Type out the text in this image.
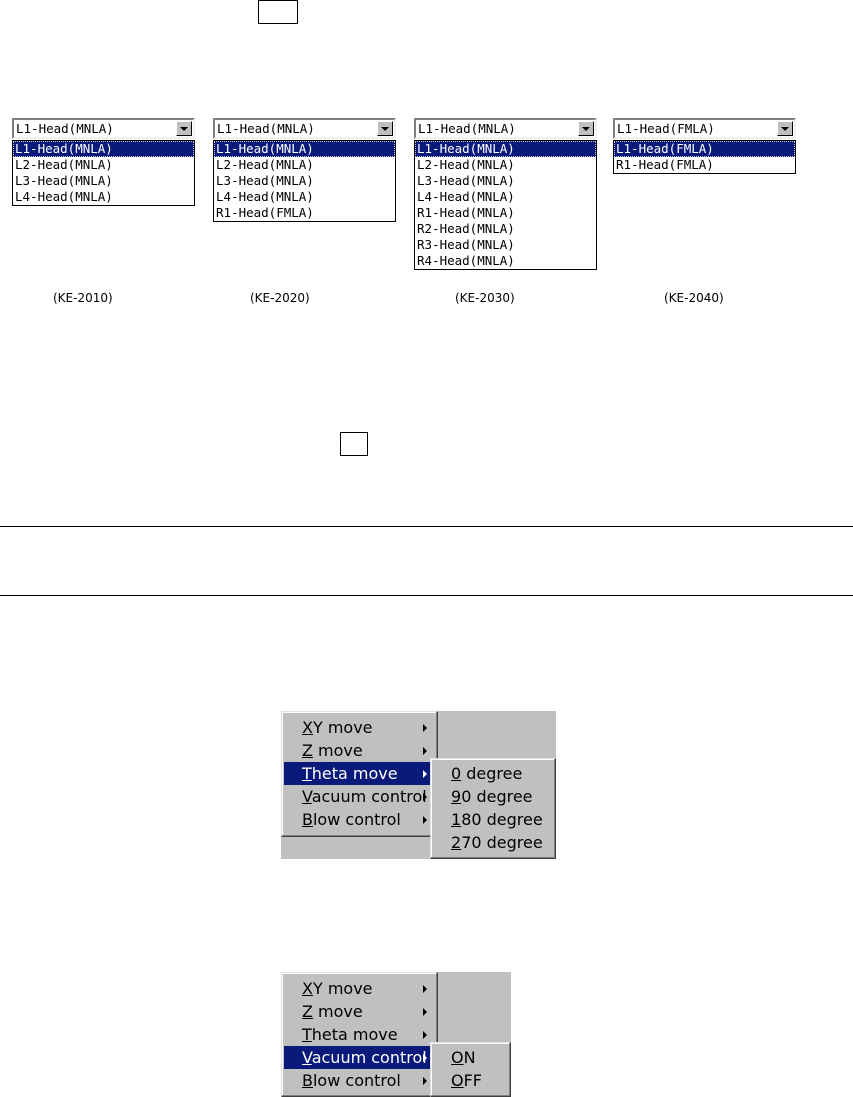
L1-Head(MNLA)
L1-Head(MNLA)
L2-Head(MNLA)
L3-Head(MNLA)
L4-Head(MNLA)
(KE-2010)
L1-Head(MNLA)
L1-Head(MNLA)
L2-Head(MNLA)
L3-Head(MNLA)
L4-Head(MNLA)
R1-Head(FMLA)
(KE-2020)
L1-Head(MNLA)
L1-Head(MNLA)
L2-Head(MNLA)
L3-Head(MNLA)
L4-Head(MNLA)
R1-Head(MNLA)
R2-Head(MNLA)
R3-Head(MNLA)
R4-Head(MNLA)
(KE-2030)
L1-Head(FMLA)
L1-Head(FMLA)
R1-Head(FMLA)
(KE-2040)
XY move
Z move
Theta move
Vacuum control
Blow control
0 degree
90 degree
180 degree
270 degree
XY move
Z move
Theta move
Vacuum control
Blow control
ON
OFF
